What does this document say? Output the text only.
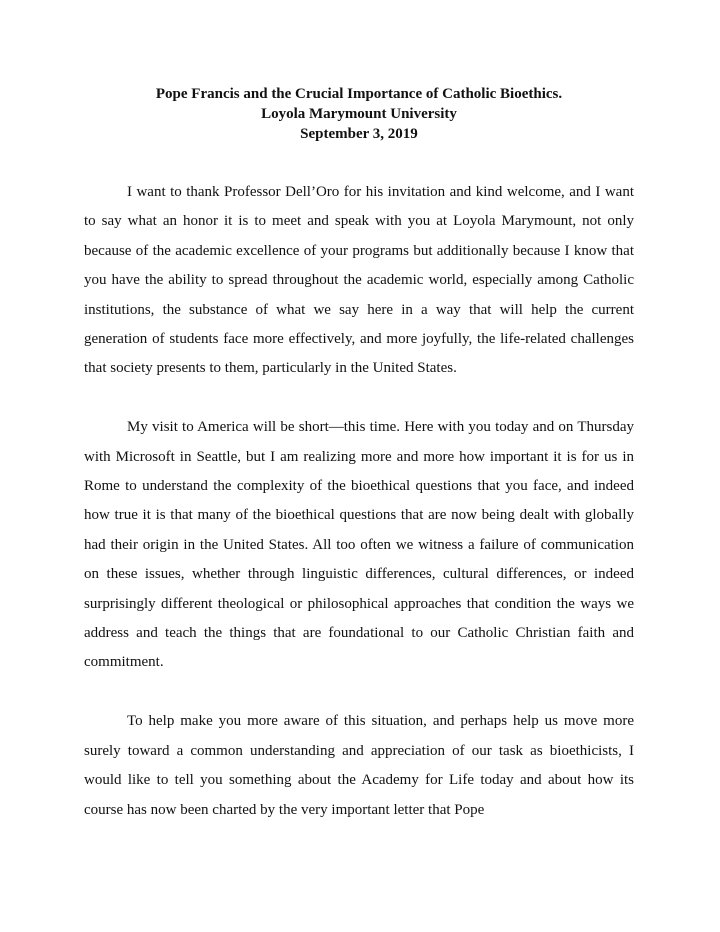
Pope Francis and the Crucial Importance of Catholic Bioethics.
Loyola Marymount University
September 3, 2019

I want to thank Professor Dell’Oro for his invitation and kind welcome, and I want to say what an honor it is to meet and speak with you at Loyola Marymount, not only because of the academic excellence of your programs but additionally because I know that you have the ability to spread throughout the academic world, especially among Catholic institutions, the substance of what we say here in a way that will help the current generation of students face more effectively, and more joyfully, the life-related challenges that society presents to them, particularly in the United States.

My visit to America will be short—this time. Here with you today and on Thursday with Microsoft in Seattle, but I am realizing more and more how important it is for us in Rome to understand the complexity of the bioethical questions that you face, and indeed how true it is that many of the bioethical questions that are now being dealt with globally had their origin in the United States. All too often we witness a failure of communication on these issues, whether through linguistic differences, cultural differences, or indeed surprisingly different theological or philosophical approaches that condition the ways we address and teach the things that are foundational to our Catholic Christian faith and commitment.

To help make you more aware of this situation, and perhaps help us move more surely toward a common understanding and appreciation of our task as bioethicists, I would like to tell you something about the Academy for Life today and about how its course has now been charted by the very important letter that Pope
